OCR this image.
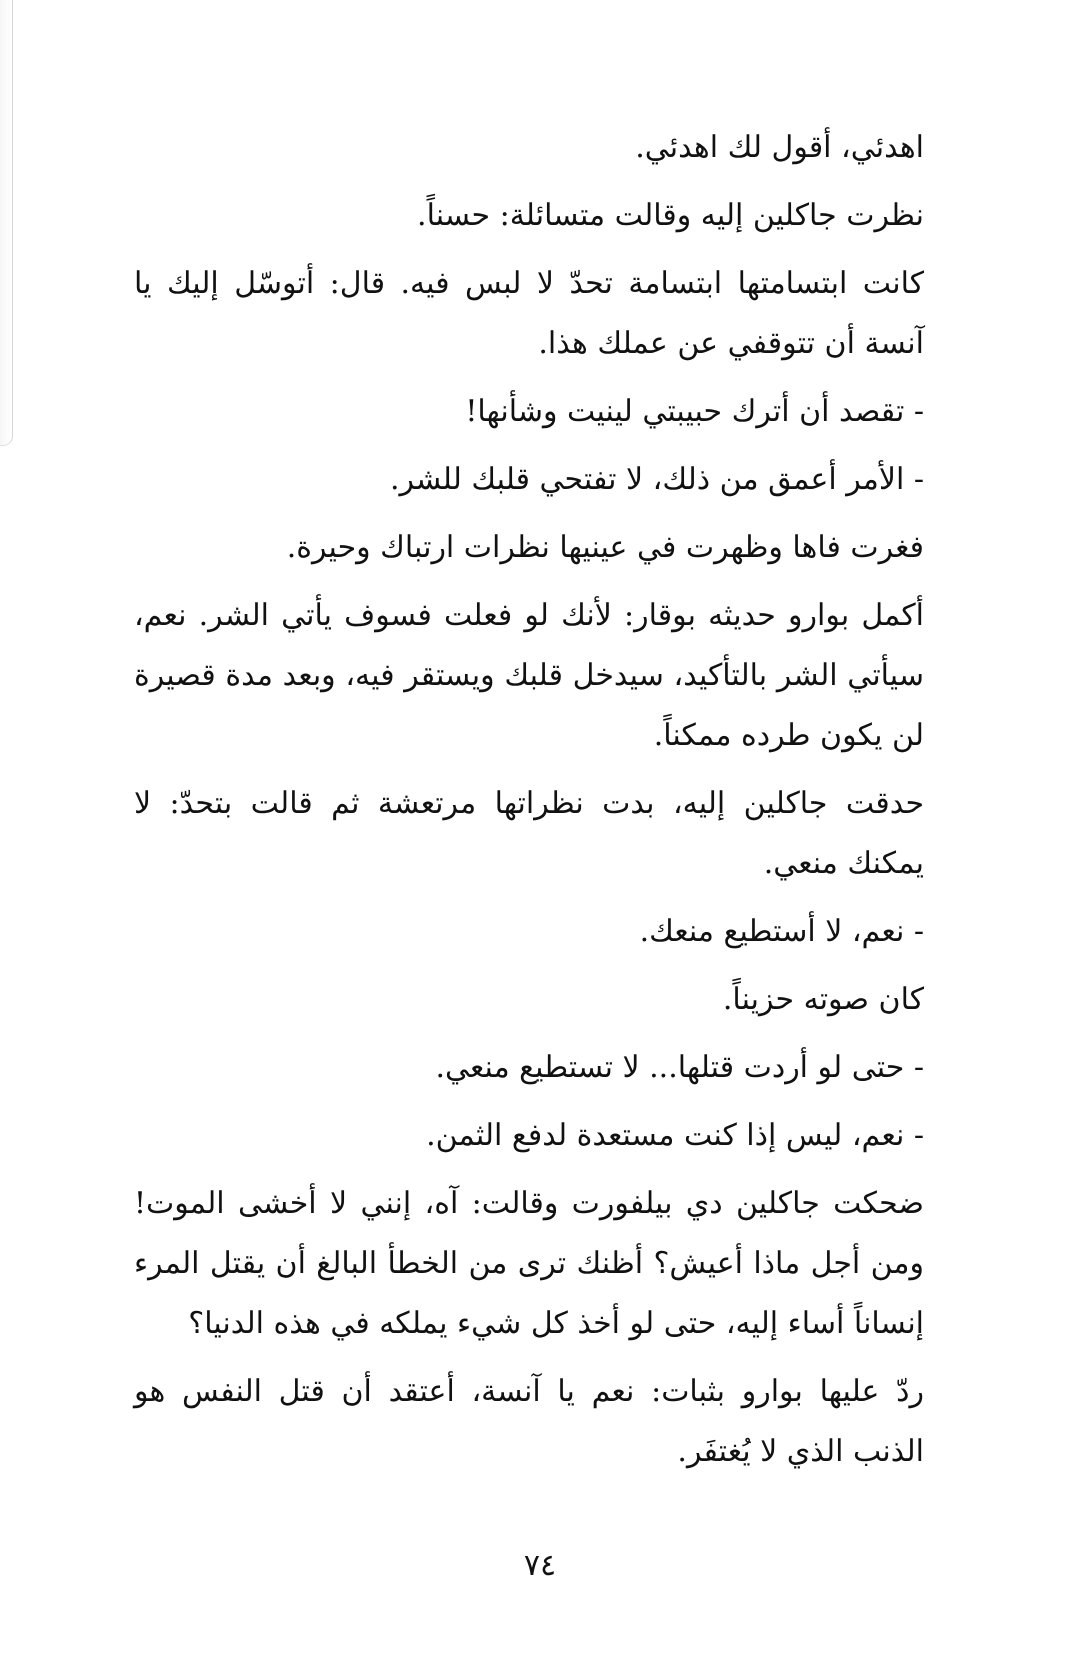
اهدئي، أقول لك اهدئي.

نظرت جاكلين إليه وقالت متسائلة: حسناً.

كانت ابتسامتها ابتسامة تحدّ لا لبس فيه. قال: أتوسّل إليك يا آنسة أن تتوقفي عن عملك هذا.

- تقصد أن أترك حبيبتي لينيت وشأنها!

- الأمر أعمق من ذلك، لا تفتحي قلبك للشر.

فغرت فاها وظهرت في عينيها نظرات ارتباك وحيرة.

أكمل بوارو حديثه بوقار: لأنك لو فعلت فسوف يأتي الشر. نعم، سيأتي الشر بالتأكيد، سيدخل قلبك ويستقر فيه، وبعد مدة قصيرة لن يكون طرده ممكناً.

حدقت جاكلين إليه، بدت نظراتها مرتعشة ثم قالت بتحدّ: لا يمكنك منعي.

- نعم، لا أستطيع منعك.

كان صوته حزيناً.

- حتى لو أردت قتلها... لا تستطيع منعي.

- نعم، ليس إذا كنت مستعدة لدفع الثمن.

ضحكت جاكلين دي بيلفورت وقالت: آه، إنني لا أخشى الموت! ومن أجل ماذا أعيش؟ أظنك ترى من الخطأ البالغ أن يقتل المرء إنساناً أساء إليه، حتى لو أخذ كل شيء يملكه في هذه الدنيا؟

ردّ عليها بوارو بثبات: نعم يا آنسة، أعتقد أن قتل النفس هو الذنب الذي لا يُغتفَر.

٧٤
